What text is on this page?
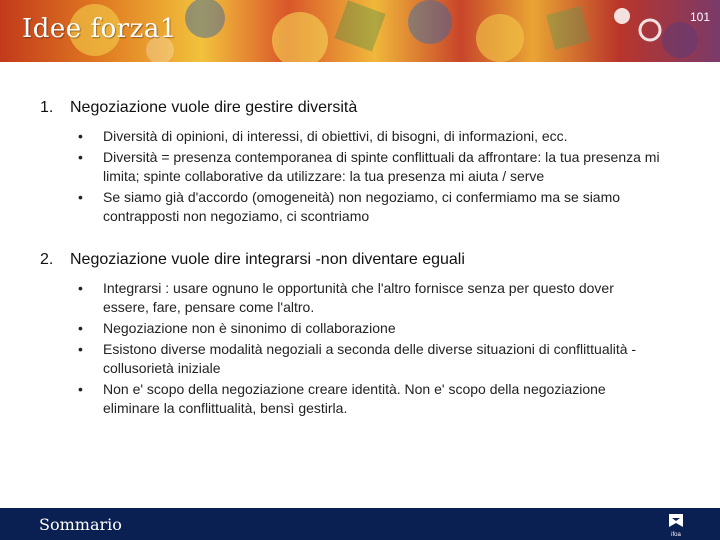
Idee forza1	101
1.	Negoziazione vuole dire gestire diversità
•	Diversità di opinioni, di interessi, di obiettivi, di bisogni, di informazioni, ecc.
•	Diversità = presenza contemporanea di spinte conflittuali da affrontare: la tua presenza mi limita; spinte collaborative da utilizzare: la tua presenza mi aiuta / serve
•	Se siamo già d'accordo (omogeneità) non negoziamo, ci confermiamo ma se siamo contrapposti non negoziamo, ci scontriamo
2.	Negoziazione vuole dire integrarsi -non diventare eguali
•	Integrarsi : usare ognuno le opportunità che l'altro fornisce senza per questo dover essere, fare, pensare come l'altro.
•	Negoziazione non è sinonimo di collaborazione
•	Esistono diverse modalità negoziali a seconda delle diverse situazioni di conflittualità - collusorietà iniziale
•	Non e' scopo della negoziazione creare identità. Non e' scopo della negoziazione eliminare la conflittualità, bensì gestirla.
Sommario
ifoa
